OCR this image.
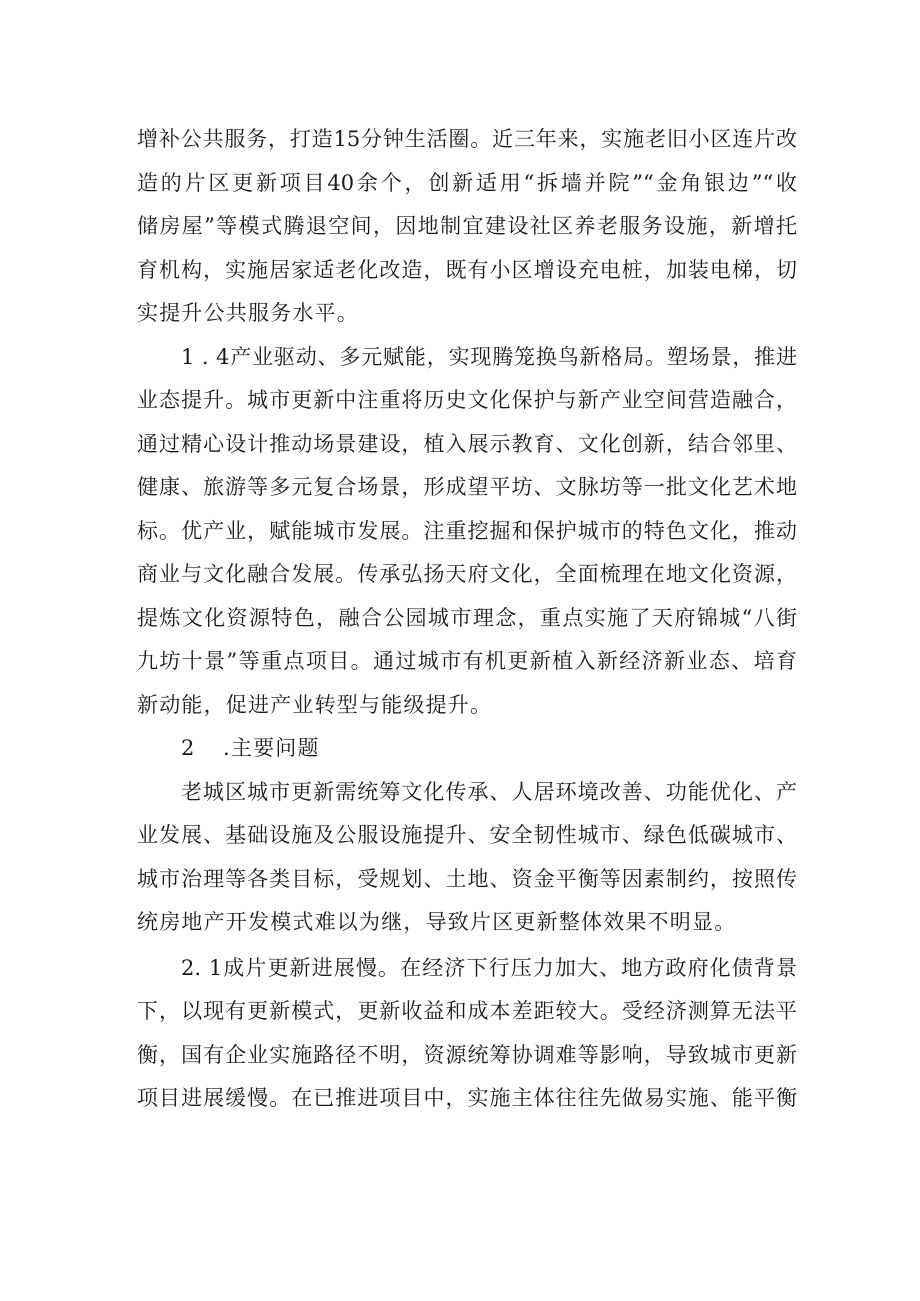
增补公共服务，打造15分钟生活圈。近三年来，实施老旧小区连片改
造的片区更新项目40余个，创新适用“拆墙并院”“金角银边”“收
储房屋”等模式腾退空间，因地制宜建设社区养老服务设施，新增托
育机构，实施居家适老化改造，既有小区增设充电桩，加装电梯，切
实提升公共服务水平。
1 . 4产业驱动、多元赋能，实现腾笼换鸟新格局。塑场景，推进
业态提升。城市更新中注重将历史文化保护与新产业空间营造融合，
通过精心设计推动场景建设，植入展示教育、文化创新，结合邻里、
健康、旅游等多元复合场景，形成望平坊、文脉坊等一批文化艺术地
标。优产业，赋能城市发展。注重挖掘和保护城市的特色文化，推动
商业与文化融合发展。传承弘扬天府文化，全面梳理在地文化资源，
提炼文化资源特色，融合公园城市理念，重点实施了天府锦城“八街
九坊十景”等重点项目。通过城市有机更新植入新经济新业态、培育
新动能，促进产业转型与能级提升。
2 .主要问题
老城区城市更新需统筹文化传承、人居环境改善、功能优化、产
业发展、基础设施及公服设施提升、安全韧性城市、绿色低碳城市、
城市治理等各类目标，受规划、土地、资金平衡等因素制约，按照传
统房地产开发模式难以为继，导致片区更新整体效果不明显。
2. 1成片更新进展慢。在经济下行压力加大、地方政府化债背景
下，以现有更新模式，更新收益和成本差距较大。受经济测算无法平
衡，国有企业实施路径不明，资源统筹协调难等影响，导致城市更新
项目进展缓慢。在已推进项目中，实施主体往往先做易实施、能平衡
